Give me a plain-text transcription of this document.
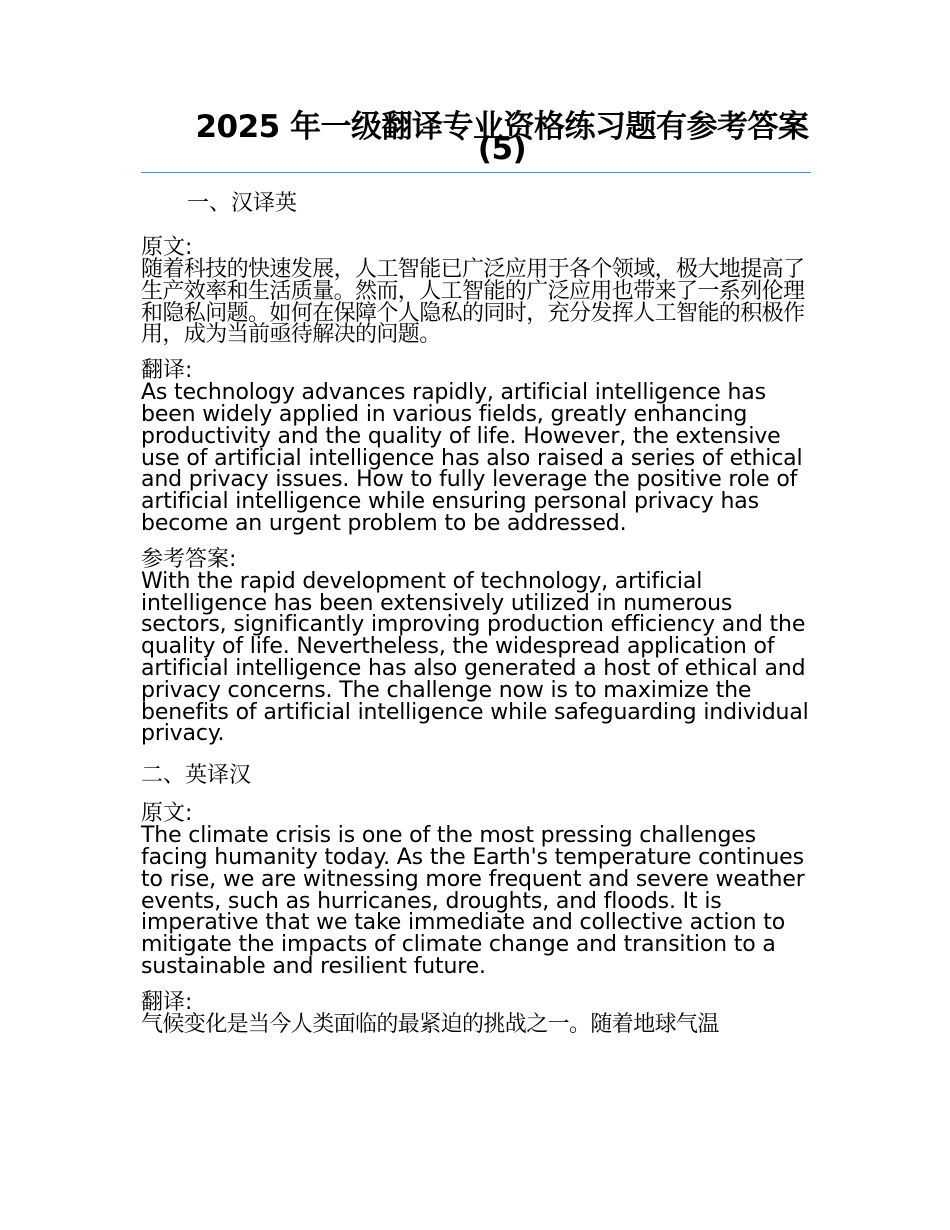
2025 年一级翻译专业资格练习题有参考答案(5)

一、汉译英

原文:

随着科技的快速发展，人工智能已广泛应用于各个领域，极大地提高了生产效率和生活质量。然而，人工智能的广泛应用也带来了一系列伦理和隐私问题。如何在保障个人隐私的同时，充分发挥人工智能的积极作用，成为当前亟待解决的问题。

翻译:

As technology advances rapidly, artificial intelligence has been widely applied in various fields, greatly enhancing productivity and the quality of life. However, the extensive use of artificial intelligence has also raised a series of ethical and privacy issues. How to fully leverage the positive role of artificial intelligence while ensuring personal privacy has become an urgent problem to be addressed.

参考答案:

With the rapid development of technology, artificial intelligence has been extensively utilized in numerous sectors, significantly improving production efficiency and the quality of life. Nevertheless, the widespread application of artificial intelligence has also generated a host of ethical and privacy concerns. The challenge now is to maximize the benefits of artificial intelligence while safeguarding individual privacy.

二、英译汉

原文:

The climate crisis is one of the most pressing challenges facing humanity today. As the Earth's temperature continues to rise, we are witnessing more frequent and severe weather events, such as hurricanes, droughts, and floods. It is imperative that we take immediate and collective action to mitigate the impacts of climate change and transition to a sustainable and resilient future.

翻译:

气候变化是当今人类面临的最紧迫的挑战之一。随着地球气温
